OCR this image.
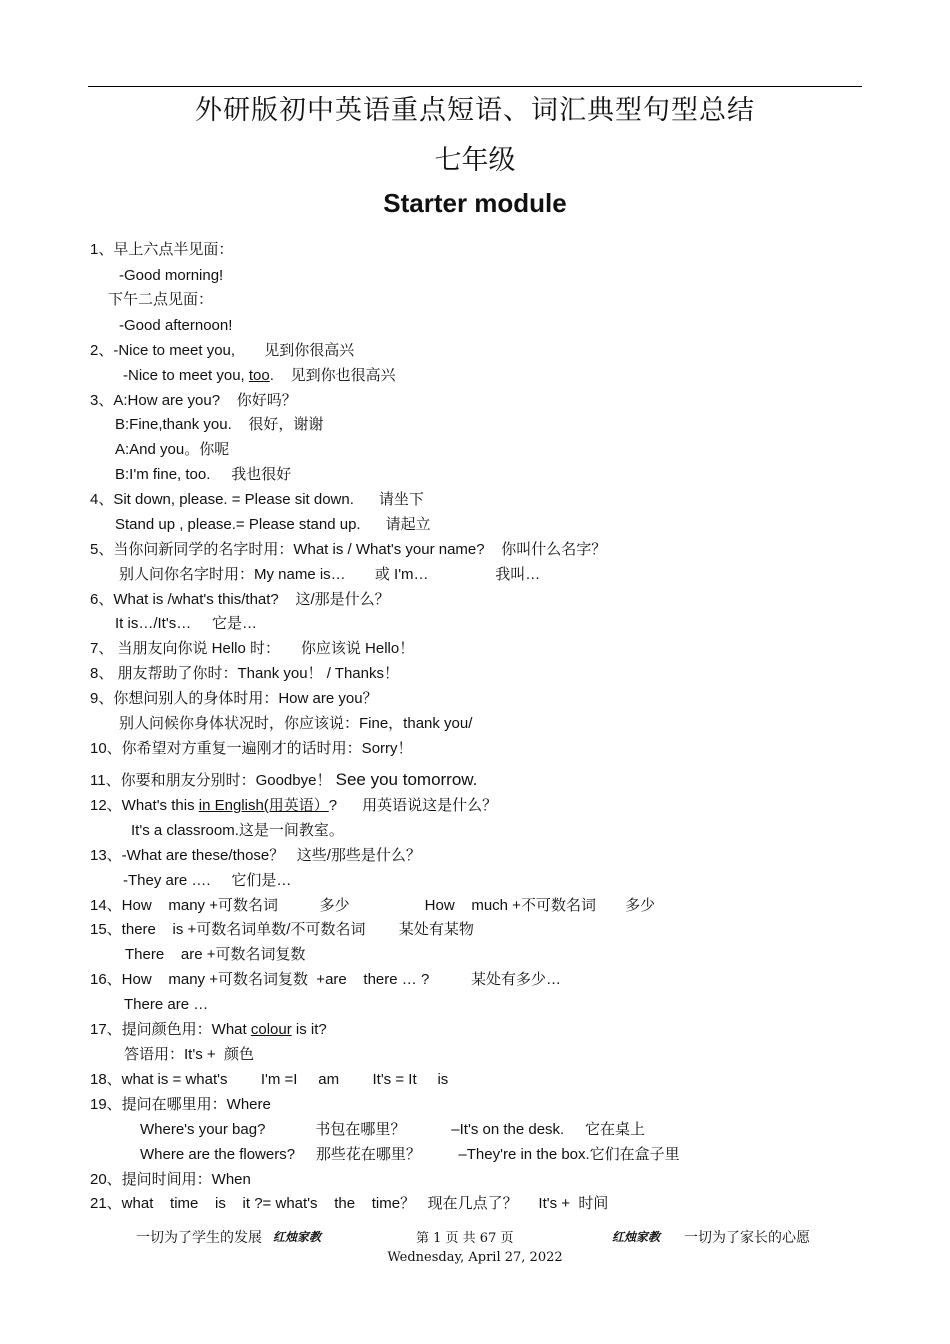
外研版初中英语重点短语、词汇典型句型总结
七年级
Starter module
1、早上六点半见面：
-Good morning!
下午二点见面：
-Good afternoon!
2、-Nice to meet you,       见到你很高兴
-Nice to meet you, too.    见到你也很高兴
3、A:How are you?    你好吗？
B:Fine,thank you.    很好，谢谢
A:And you。你呢
B:I'm fine, too.     我也很好
4、Sit down, please. = Please sit down.      请坐下
Stand up , please.= Please stand up.      请起立
5、当你问新同学的名字时用：What is / What's your name?    你叫什么名字？
别人问你名字时用：My name is…       或 I'm…                我叫…
6、What is /what's this/that?    这/那是什么？
It is…/It's…     它是…
7、 当朋友向你说 Hello 时：     你应该说 Hello！
8、 朋友帮助了你时：Thank you！ / Thanks！
9、你想问别人的身体时用：How are you？
别人问候你身体状况时，你应该说：Fine，thank you/
10、你希望对方重复一遍刚才的话时用：Sorry！
11、你要和朋友分别时：Goodbye！ See you tomorrow.
12、What's this in English(用英语）?      用英语说这是什么？
It's a classroom.这是一间教室。
13、-What are these/those？   这些/那些是什么？
-They are ….     它们是…
14、How    many +可数名词          多少                  How    much +不可数名词       多少
15、there    is +可数名词单数/不可数名词        某处有某物
There    are +可数名词复数
16、How    many +可数名词复数  +are    there … ?          某处有多少…
There are …
17、提问颜色用：What colour is it?
答语用：It's +  颜色
18、what is = what's        I'm =I     am        It's = It     is
19、提问在哪里用：Where
Where's your bag?            书包在哪里？           –It's on the desk.     它在桌上
Where are the flowers?     那些花在哪里？         –They're in the box.它们在盒子里
20、提问时间用：When
21、what    time    is    it ?= what's    the    time？   现在几点了？     It's +  时间
一切为了学生的发展 红烛家教	第 1 页 共 67 页	红烛家教 一切为了家长的心愿
Wednesday, April 27, 2022
